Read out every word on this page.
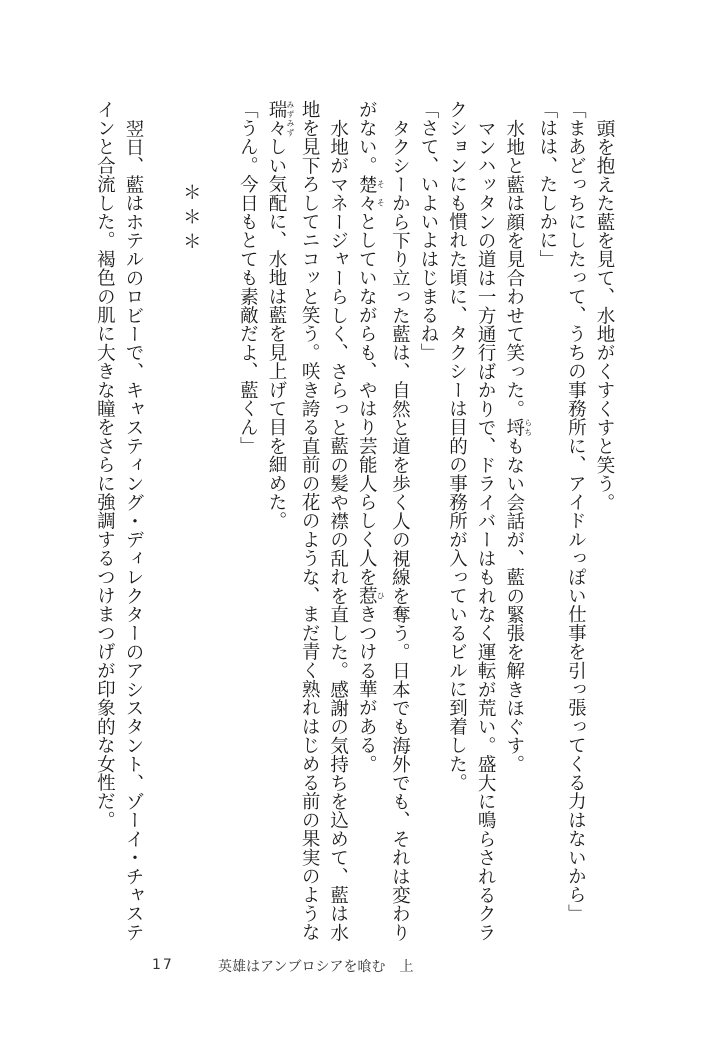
頭を抱えた藍を見て、水地がくすくすと笑う。
「まあどっちにしたって、うちの事務所に、アイドルっぽい仕事を引っ張ってくる力はないから」
「はは、たしかに」
水地と藍は顔を見合わせて笑った。埒 らちもない会話が、藍の緊張を解きほぐす。
マンハッタンの道は一方通行ばかりで、ドライバーはもれなく運転が荒い。盛大に鳴らされるクラ
クションにも慣れた頃に、タクシーは目的の事務所が入っているビルに到着した。
「さて、いよいよはじまるね」
タクシーから下り立った藍は、自然と道を歩く人の視線を奪う。日本でも海外でも、それは変わり
がない。楚々 そそとしていながらも、やはり芸能人らしく人を惹 ひきつける華がある。
水地がマネージャーらしく、さらっと藍の髪や襟の乱れを直した。感謝の気持ちを込めて、藍は水
地を見下ろしてニコッと笑う。咲き誇る直前の花のような、まだ青く熟れはじめる前の果実のような
瑞々 みずみずしい気配に、水地は藍を見上げて目を細めた。
「うん。今日もとても素敵だよ、藍くん」
＊＊＊
翌日、藍はホテルのロビーで、キャスティング・ディレクターのアシスタント、ゾーイ・チャステ
インと合流した。褐色の肌に大きな瞳をさらに強調するつけまつげが印象的な女性だ。
17	英雄はアンブロシアを喰む　上
